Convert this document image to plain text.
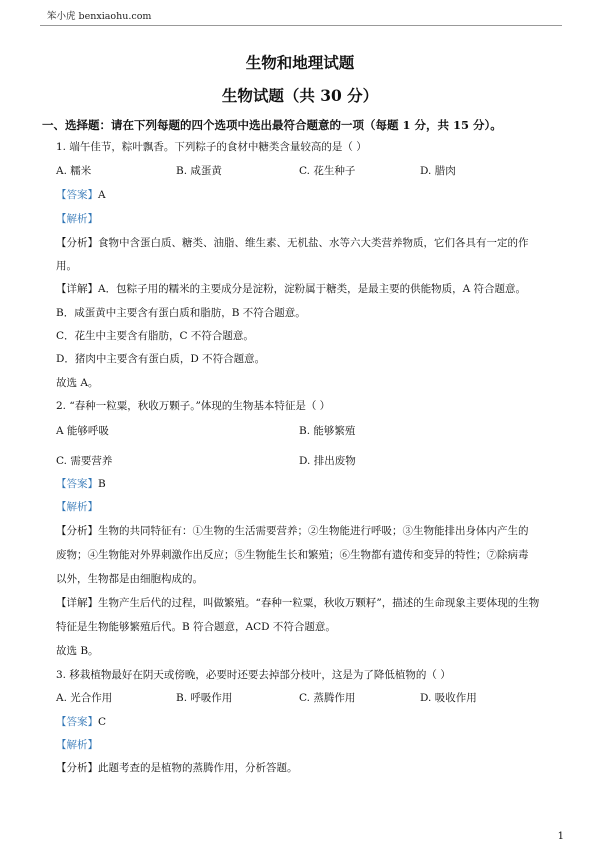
笨小虎 benxiaohu.com
生物和地理试题
生物试题（共 30 分）
一、选择题：请在下列每题的四个选项中选出最符合题意的一项（每题 1 分，共 15 分）。
1. 端午佳节，粽叶飘香。下列粽子的食材中糖类含量较高的是（ ）
A. 糯米	B. 咸蛋黄	C. 花生种子	D. 腊肉
【答案】A
【解析】
【分析】食物中含蛋白质、糖类、油脂、维生素、无机盐、水等六大类营养物质，它们各具有一定的作
用。
【详解】A．包粽子用的糯米的主要成分是淀粉，淀粉属于糖类，是最主要的供能物质，A 符合题意。
B．咸蛋黄中主要含有蛋白质和脂肪，B 不符合题意。
C．花生中主要含有脂肪，C 不符合题意。
D．猪肉中主要含有蛋白质，D 不符合题意。
故选 A。
2. “春种一粒粟，秋收万颗子。”体现的生物基本特征是（ ）
A 能够呼吸	B. 能够繁殖
C. 需要营养	D. 排出废物
【答案】B
【解析】
【分析】生物的共同特征有：①生物的生活需要营养；②生物能进行呼吸；③生物能排出身体内产生的
废物；④生物能对外界刺激作出反应；⑤生物能生长和繁殖；⑥生物都有遗传和变异的特性；⑦除病毒
以外，生物都是由细胞构成的。
【详解】生物产生后代的过程，叫做繁殖。“春种一粒粟，秋收万颗籽”，描述的生命现象主要体现的生物
特征是生物能够繁殖后代。B 符合题意，ACD 不符合题意。
故选 B。
3. 移栽植物最好在阴天或傍晚，必要时还要去掉部分枝叶，这是为了降低植物的（ ）
A. 光合作用	B. 呼吸作用	C. 蒸腾作用	D. 吸收作用
【答案】C
【解析】
【分析】此题考查的是植物的蒸腾作用，分析答题。
1
